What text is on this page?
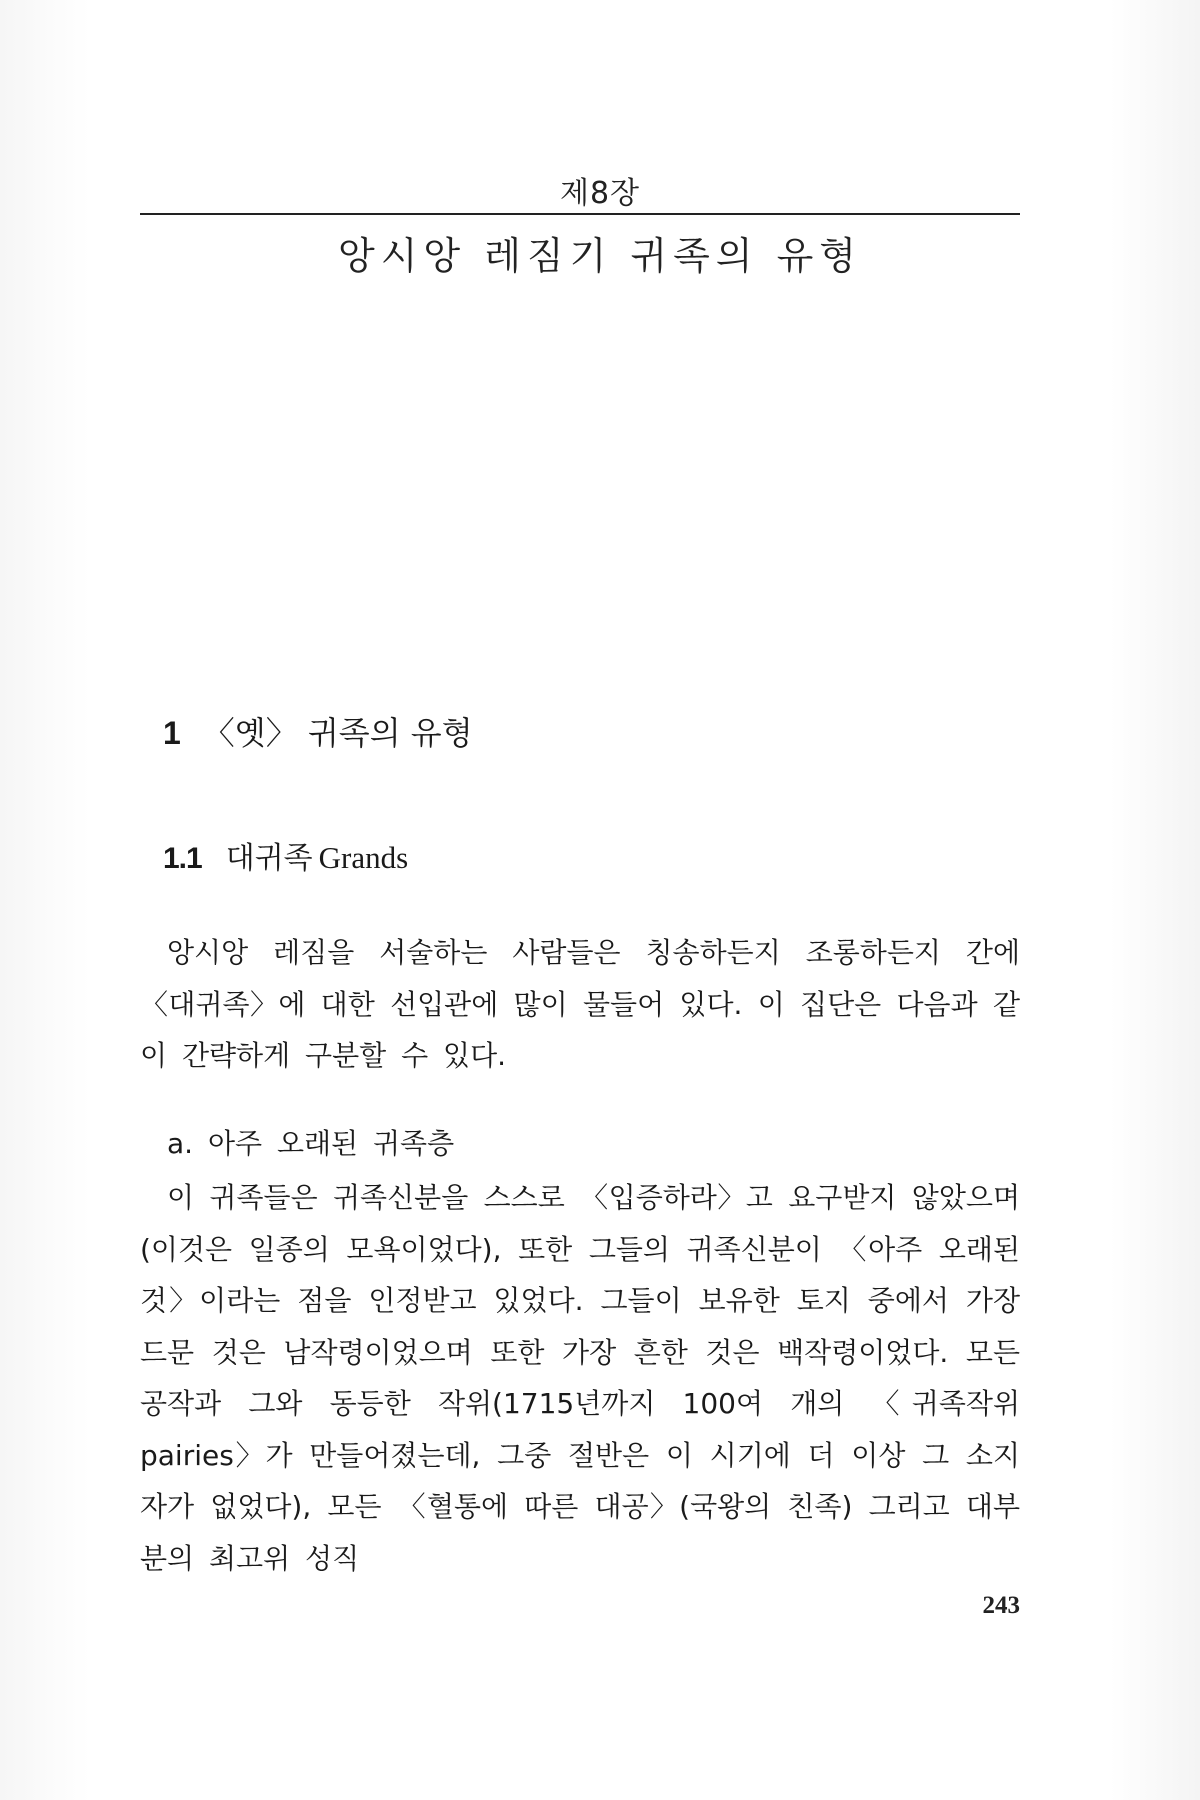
제8장
앙시앙 레짐기 귀족의 유형
1 〈옛〉 귀족의 유형
1.1 대귀족 Grands
앙시앙 레짐을 서술하는 사람들은 칭송하든지 조롱하든지 간에 〈대귀족〉에 대한 선입관에 많이 물들어 있다. 이 집단은 다음과 같이 간략하게 구분할 수 있다.
a. 아주 오래된 귀족층
이 귀족들은 귀족신분을 스스로 〈입증하라〉고 요구받지 않았으며(이것은 일종의 모욕이었다), 또한 그들의 귀족신분이 〈아주 오래된 것〉이라는 점을 인정받고 있었다. 그들이 보유한 토지 중에서 가장 드문 것은 남작령이었으며 또한 가장 흔한 것은 백작령이었다. 모든 공작과 그와 동등한 작위(1715년까지 100여 개의 〈귀족작위 pairies〉가 만들어졌는데, 그중 절반은 이 시기에 더 이상 그 소지자가 없었다), 모든 〈혈통에 따른 대공〉(국왕의 친족) 그리고 대부분의 최고위 성직
243
